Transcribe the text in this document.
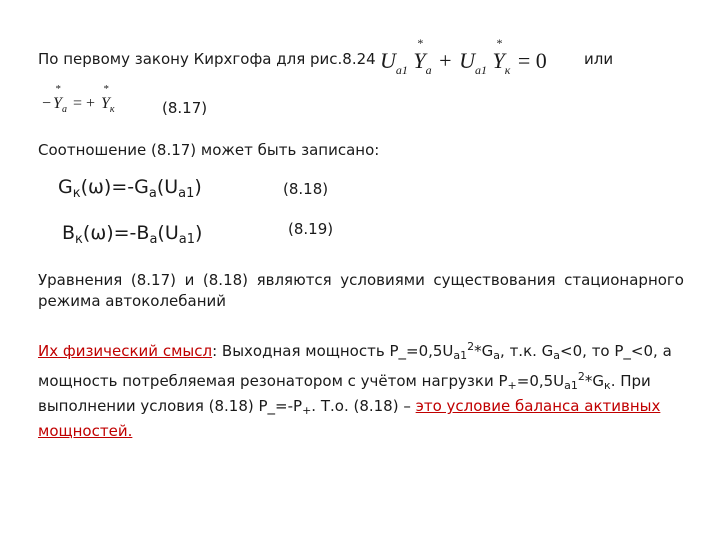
По первому закону Кирхгофа для рис.8.24 $U_{a1}$
*
$Y_a + U_{a1}$
*
$Y_к = 0$ или
−
*
$Y_a$ = +
*
$Y_к$	(8.17)
Соотношение (8.17) может быть записано:
$G_к(\omega)=-G_a(U_{a1})$	(8.18)
$B_к(\omega)=-B_a(U_{a1})$	(8.19)
Уравнения (8.17) и (8.18) являются условиями существования стационарного
режима автоколебаний
Их физический смысл: Выходная мощность $Р\_=0,5U_{a1}^2*G_a$, т.к. $G_a<0$, то Р_<0, а мощность потребляемая резонатором с учётом нагрузки $Р_+=0,5U_{a1}^2*G_к$. При выполнении условия (8.18) $Р\_=-Р_+$. Т.о. (8.18) – это условие баланса активных мощностей.
